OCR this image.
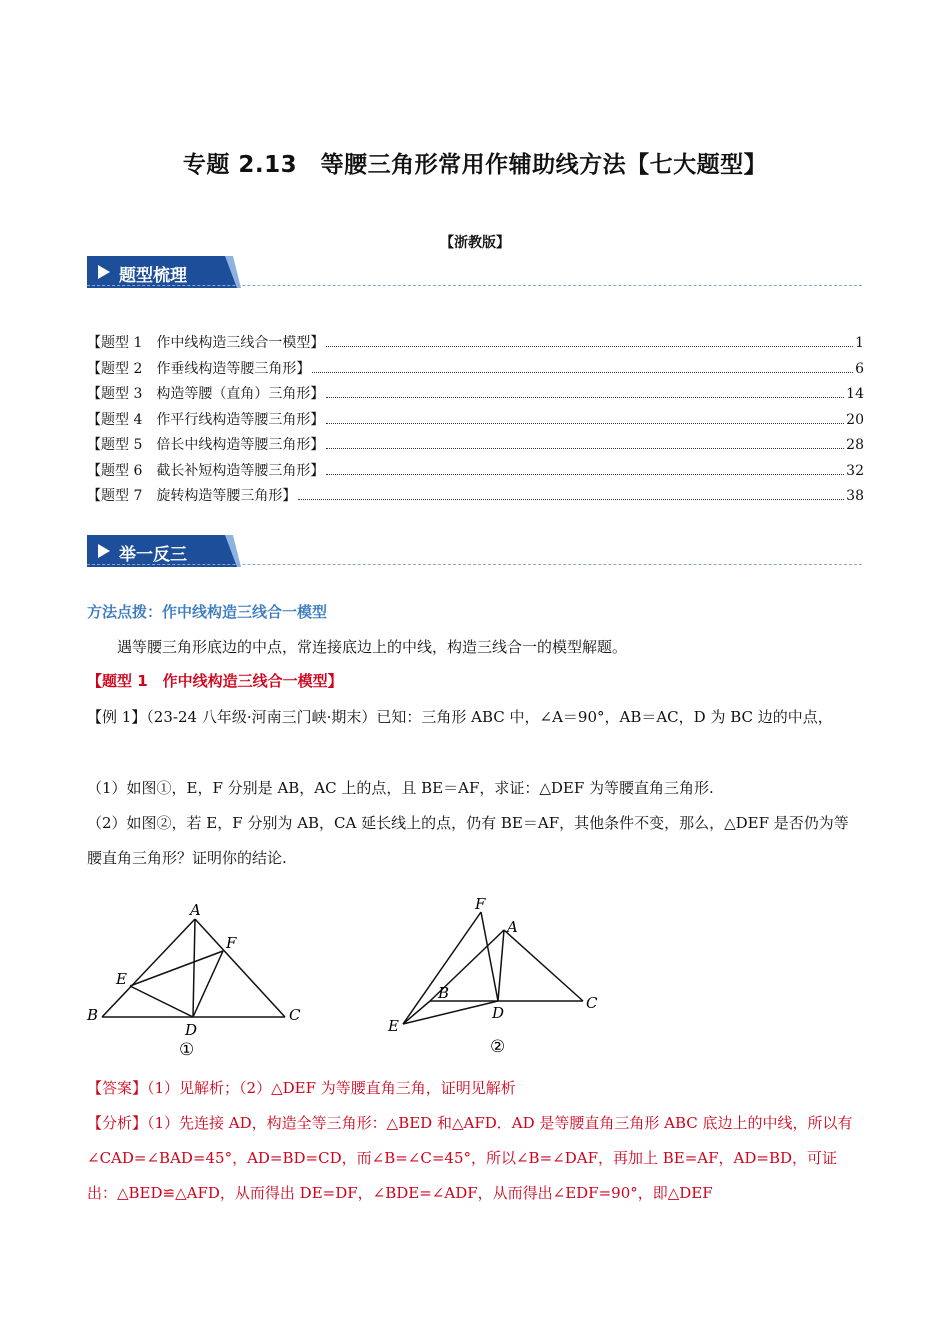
专题 2.13　等腰三角形常用作辅助线方法【七大题型】
【浙教版】
题型梳理
【题型 1　作中线构造三线合一模型】	1
【题型 2　作垂线构造等腰三角形】	6
【题型 3　构造等腰（直角）三角形】	14
【题型 4　作平行线构造等腰三角形】	20
【题型 5　倍长中线构造等腰三角形】	28
【题型 6　截长补短构造等腰三角形】	32
【题型 7　旋转构造等腰三角形】	38
举一反三
方法点拨：作中线构造三线合一模型
遇等腰三角形底边的中点，常连接底边上的中线，构造三线合一的模型解题。
【题型 1　作中线构造三线合一模型】
【例 1】（23-24 八年级·河南三门峡·期末）已知：三角形 ABC 中，∠A＝90°，AB＝AC，D 为 BC 边的中点，
（1）如图①，E，F 分别是 AB，AC 上的点，且 BE＝AF，求证：△DEF 为等腰直角三角形.
（2）如图②，若 E，F 分别为 AB，CA 延长线上的点，仍有 BE＝AF，其他条件不变，那么，△DEF 是否仍为等腰直角三角形？证明你的结论.
A
F
E
B
D
C
①
F
A
B
C
D
E
②
【答案】（1）见解析；（2）△DEF 为等腰直角三角，证明见解析
【分析】（1）先连接 AD，构造全等三角形：△BED 和△AFD．AD 是等腰直角三角形 ABC 底边上的中线，所以有∠CAD=∠BAD=45°，AD=BD=CD，而∠B=∠C=45°，所以∠B=∠DAF，再加上 BE=AF，AD=BD，可证出：△BED≌△AFD，从而得出 DE=DF，∠BDE=∠ADF，从而得出∠EDF=90°，即△DEF
